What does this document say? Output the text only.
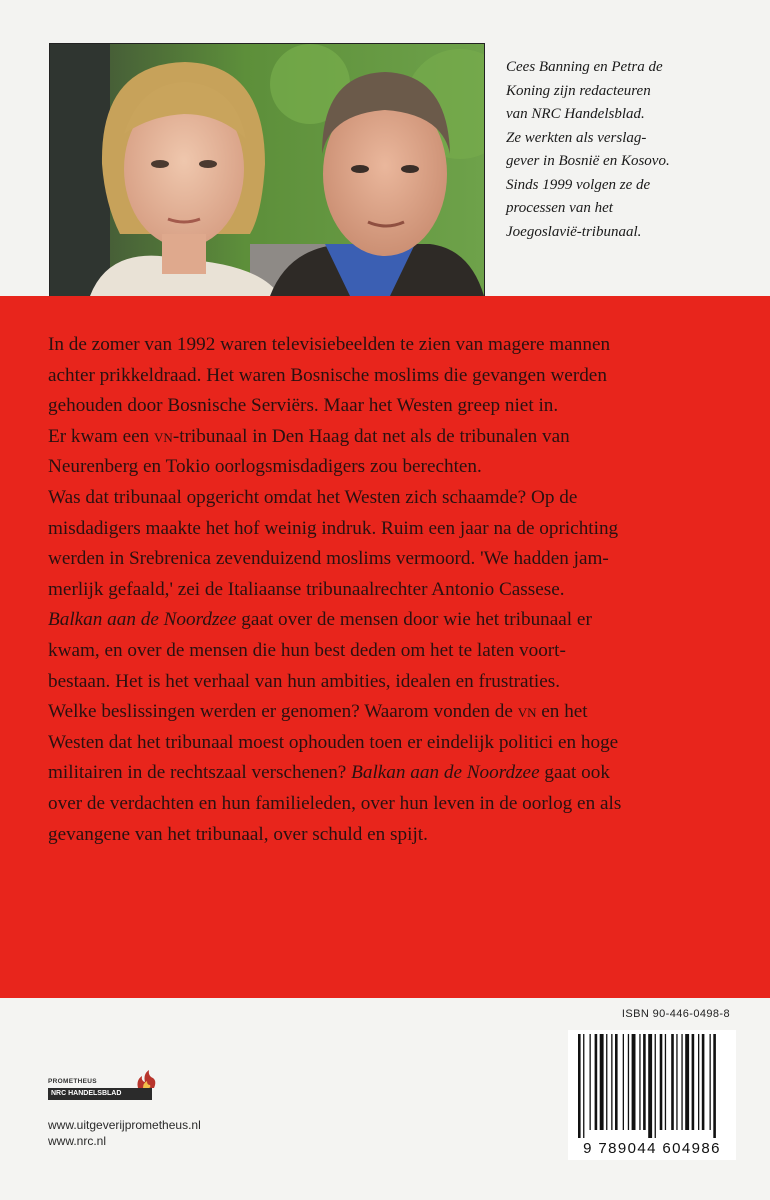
Cees Banning en Petra de
Koning zijn redacteuren
van NRC Handelsblad.
Ze werkten als verslag-
gever in Bosnië en Kosovo.
Sinds 1999 volgen ze de
processen van het
Joegoslavië-tribunaal.
In de zomer van 1992 waren televisiebeelden te zien van magere mannen
achter prikkeldraad. Het waren Bosnische moslims die gevangen werden
gehouden door Bosnische Serviërs. Maar het Westen greep niet in.
Er kwam een vn-tribunaal in Den Haag dat net als de tribunalen van
Neurenberg en Tokio oorlogsmisdadigers zou berechten.
Was dat tribunaal opgericht omdat het Westen zich schaamde? Op de
misdadigers maakte het hof weinig indruk. Ruim een jaar na de oprichting
werden in Srebrenica zevenduizend moslims vermoord. 'We hadden jam-
merlijk gefaald,' zei de Italiaanse tribunaalrechter Antonio Cassese.
Balkan aan de Noordzee gaat over de mensen door wie het tribunaal er
kwam, en over de mensen die hun best deden om het te laten voort-
bestaan. Het is het verhaal van hun ambities, idealen en frustraties.
Welke beslissingen werden er genomen? Waarom vonden de vn en het
Westen dat het tribunaal moest ophouden toen er eindelijk politici en hoge
militairen in de rechtszaal verschenen? Balkan aan de Noordzee gaat ook
over de verdachten en hun familieleden, over hun leven in de oorlog en als
gevangene van het tribunaal, over schuld en spijt.
PROMETHEUS
NRC HANDELSBLAD
www.uitgeverijprometheus.nl
www.nrc.nl
ISBN 90-446-0498-8
9 789044 604986
